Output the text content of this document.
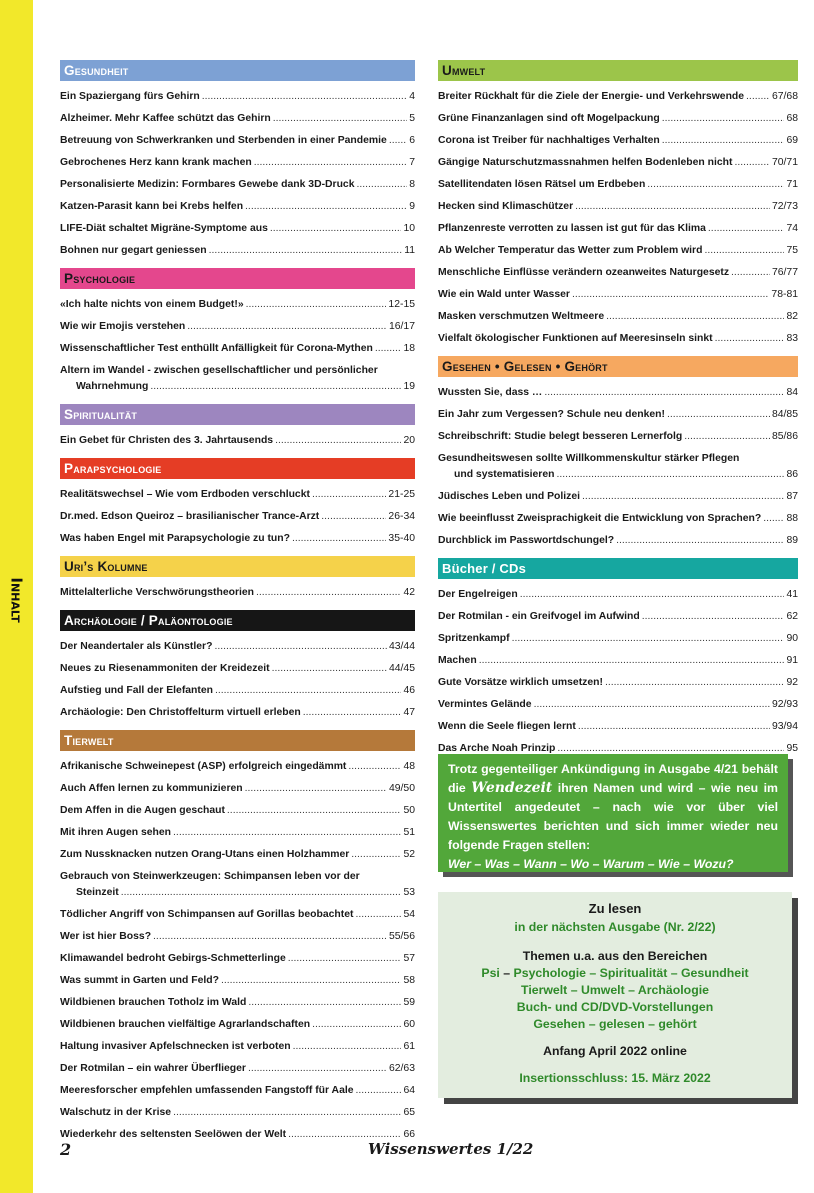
Inhalt
Gesundheit
Ein Spaziergang fürs Gehirn .....	4
Alzheimer. Mehr Kaffee schützt das Gehirn .....	5
Betreuung von Schwerkranken und Sterbenden in einer Pandemie ..... 6
Gebrochenes Herz kann krank machen .....	7
Personalisierte Medizin: Formbares Gewebe dank 3D-Druck .....	8
Katzen-Parasit kann bei Krebs helfen .....	9
LIFE-Diät schaltet Migräne-Symptome aus .....	10
Bohnen nur gegart geniessen .....	11
Psychologie
«Ich halte nichts von einem Budget!» .....	12-15
Wie wir Emojis verstehen .....	16/17
Wissenschaftlicher Test enthüllt Anfälligkeit für Corona-Mythen .....	18
Altern im Wandel - zwischen gesellschaftlicher und persönlicher
Wahrnehmung .....	19
Spiritualität
Ein Gebet für Christen des 3. Jahrtausends .....	20
Parapsychologie
Realitätswechsel – Wie vom Erdboden verschluckt .....	21-25
Dr.med. Edson Queiroz – brasilianischer Trance-Arzt .....	26-34
Was haben Engel mit Parapsychologie zu tun? .....	35-40
Uri’s Kolumne
Mittelalterliche Verschwörungstheorien .....	42
Archäologie / Paläontologie
Der Neandertaler als Künstler? .....	43/44
Neues zu Riesenammoniten der Kreidezeit .....	44/45
Aufstieg und Fall der Elefanten .....	46
Archäologie: Den Christoffelturm virtuell erleben .....	47
Tierwelt
Afrikanische Schweinepest (ASP) erfolgreich eingedämmt .....	48
Auch Affen lernen zu kommunizieren .....	49/50
Dem Affen in die Augen geschaut .....	50
Mit ihren Augen sehen .....	51
Zum Nussknacken nutzen Orang-Utans einen Holzhammer .....	52
Gebrauch von Steinwerkzeugen: Schimpansen leben vor der
Steinzeit .....	53
Tödlicher Angriff von Schimpansen auf Gorillas beobachtet .....	54
Wer ist hier Boss? .....	55/56
Klimawandel bedroht Gebirgs-Schmetterlinge .....	57
Was summt in Garten und Feld? .....	58
Wildbienen brauchen Totholz im Wald .....	59
Wildbienen brauchen vielfältige Agrarlandschaften .....	60
Haltung invasiver Apfelschnecken ist verboten .....	61
Der Rotmilan – ein wahrer Überflieger .....	62/63
Meeresforscher empfehlen umfassenden Fangstoff für Aale .....	64
Walschutz in der Krise .....	65
Wiederkehr des seltensten Seelöwen der Welt .....	66
Umwelt
Breiter Rückhalt für die Ziele der Energie- und Verkehrswende .....	67/68
Grüne Finanzanlagen sind oft Mogelpackung .....	68
Corona ist Treiber für nachhaltiges Verhalten .....	69
Gängige Naturschutzmassnahmen helfen Bodenleben nicht .....	70/71
Satellitendaten lösen Rätsel um Erdbeben .....	71
Hecken sind Klimaschützer .....	72/73
Pflanzenreste verrotten zu lassen ist gut für das Klima .....	74
Ab Welcher Temperatur das Wetter zum Problem wird .....	75
Menschliche Einflüsse verändern ozeanweites Naturgesetz .....	76/77
Wie ein Wald unter Wasser .....	78-81
Masken verschmutzen Weltmeere .....	82
Vielfalt ökologischer Funktionen auf Meeresinseln sinkt .....	83
Gesehen • Gelesen • Gehört
Wussten Sie, dass … .....	84
Ein Jahr zum Vergessen? Schule neu denken! .....	84/85
Schreibschrift: Studie belegt besseren Lernerfolg .....	85/86
Gesundheitswesen sollte Willkommenskultur stärker Pflegen
und systematisieren .....	86
Jüdisches Leben und Polizei .....	87
Wie beeinflusst Zweisprachigkeit die Entwicklung von Sprachen? ..... 88
Durchblick im Passwortdschungel? .....	89
Bücher / CDs
Der Engelreigen .....	41
Der Rotmilan - ein Greifvogel im Aufwind .....	62
Spritzenkampf .....	90
Machen .....	91
Gute Vorsätze wirklich umsetzen! .....	92
Vermintes Gelände .....	92/93
Wenn die Seele fliegen lernt .....	93/94
Das Arche Noah Prinzip .....	95
Trotz gegenteiliger Ankündigung in Ausgabe 4/21 behält die Wendezeit ihren Namen und wird – wie neu im Untertitel angedeutet – nach wie vor über viel Wissenswertes berichten und sich immer wieder neu folgende Fragen stellen:
Wer – Was – Wann – Wo – Warum – Wie – Wozu?
Zu lesen
in der nächsten Ausgabe (Nr. 2/22)
Themen u.a. aus den Bereichen
Psi – Psychologie – Spiritualität – Gesundheit
Tierwelt – Umwelt – Archäologie
Buch- und CD/DVD-Vorstellungen
Gesehen – gelesen – gehört
Anfang April 2022 online
Insertionsschluss: 15. März 2022
2	Wissenswertes 1/22
